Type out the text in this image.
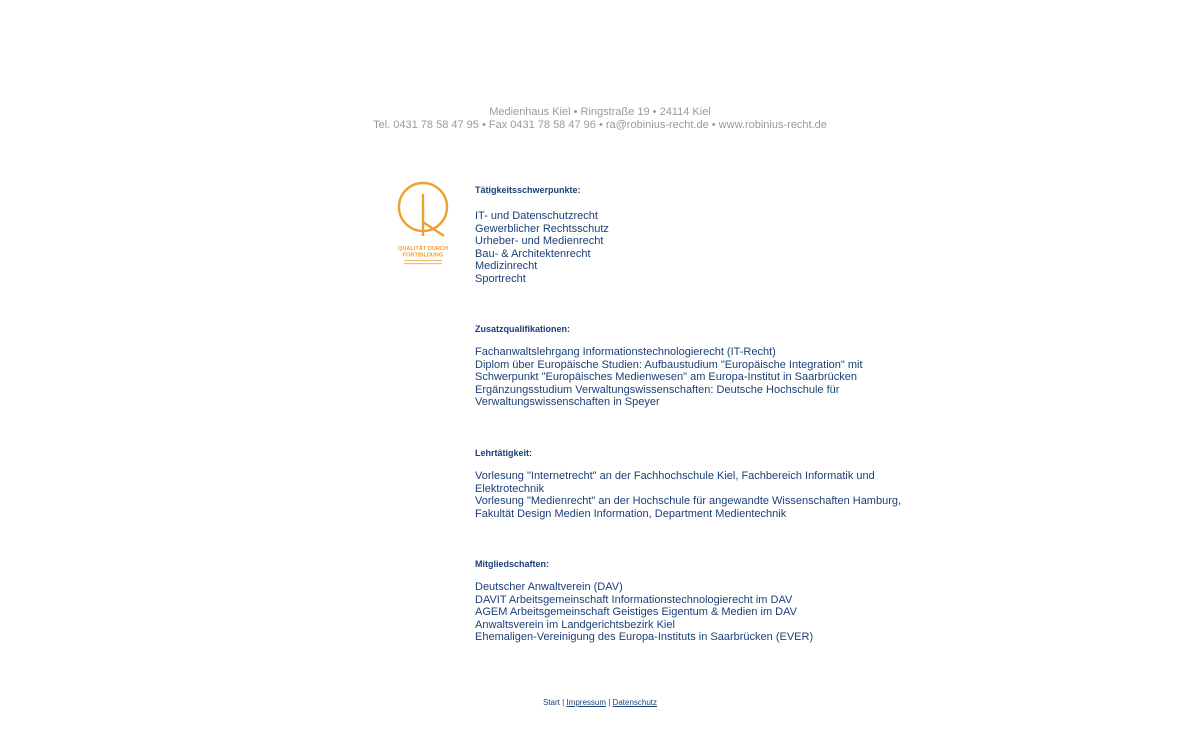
Medienhaus Kiel • Ringstraße 19 • 24114 Kiel
Tel. 0431 78 58 47 95 • Fax 0431 78 58 47 96 • ra@robinius-recht.de • www.robinius-recht.de
QUALITÄT DURCH
FORTBILDUNG
Tätigkeitsschwerpunkte:
IT- und Datenschutzrecht
Gewerblicher Rechtsschutz
Urheber- und Medienrecht
Bau- & Architektenrecht
Medizinrecht
Sportrecht
Zusatzqualifikationen:
Fachanwaltslehrgang Informationstechnologierecht (IT-Recht)
Diplom über Europäische Studien: Aufbaustudium "Europäische Integration" mit Schwerpunkt "Europäisches Medienwesen" am Europa-Institut in Saarbrücken
Ergänzungsstudium Verwaltungswissenschaften: Deutsche Hochschule für Verwaltungswissenschaften in Speyer
Lehrtätigkeit:
Vorlesung "Internetrecht" an der Fachhochschule Kiel, Fachbereich Informatik und Elektrotechnik
Vorlesung "Medienrecht" an der Hochschule für angewandte Wissenschaften Hamburg, Fakultät Design Medien Information, Department Medientechnik
Mitgliedschaften:
Deutscher Anwaltverein (DAV)
DAVIT Arbeitsgemeinschaft Informationstechnologierecht im DAV
AGEM Arbeitsgemeinschaft Geistiges Eigentum & Medien im DAV
Anwaltsverein im Landgerichtsbezirk Kiel
Ehemaligen-Vereinigung des Europa-Instituts in Saarbrücken (EVER)
Start | Impressum | Datenschutz
